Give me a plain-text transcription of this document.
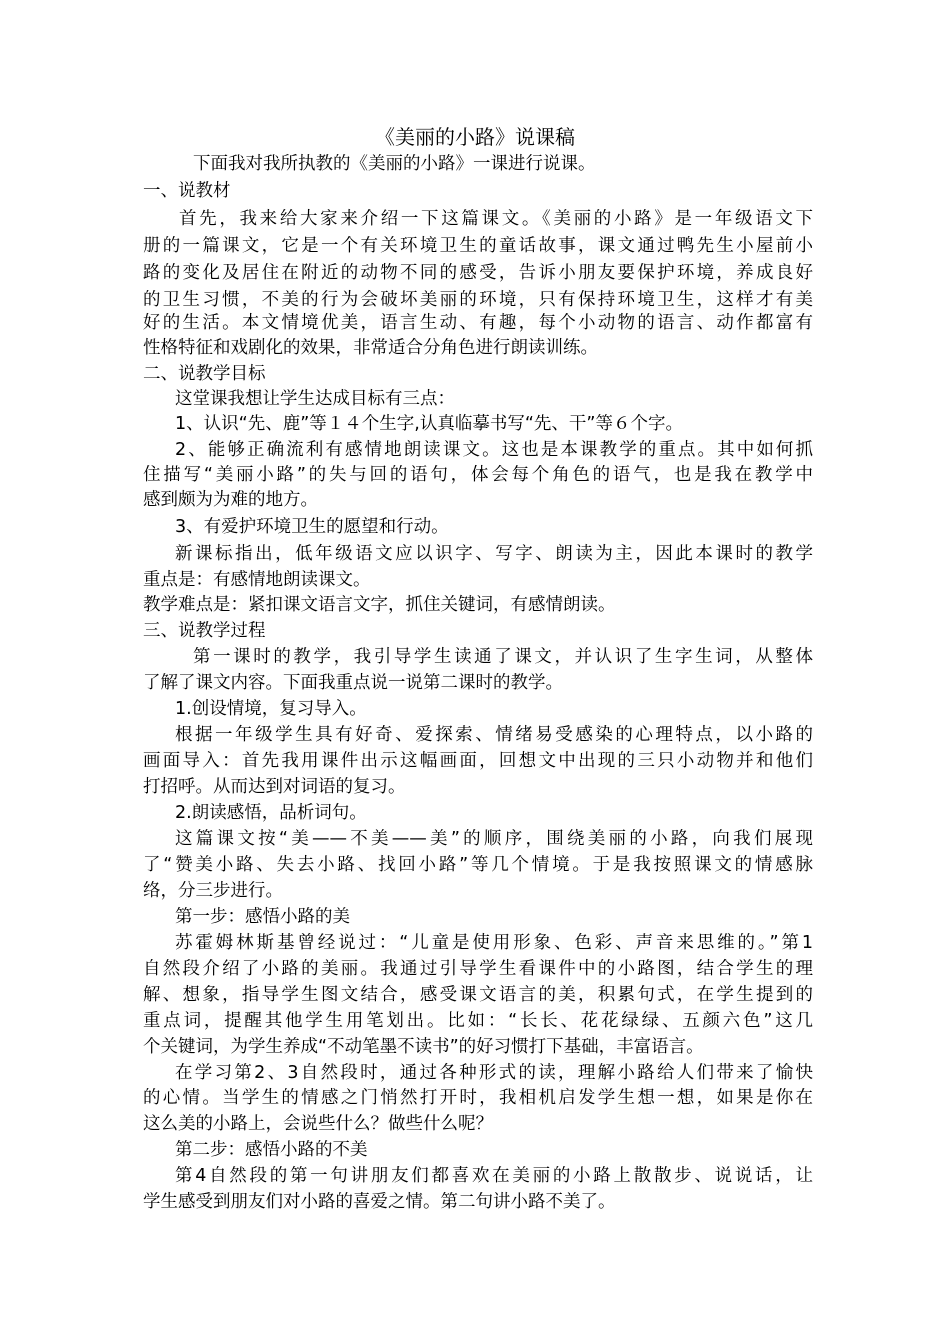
《美丽的小路》说课稿
下面我对我所执教的《美丽的小路》一课进行说课。
一、说教材
首先，我来给大家来介绍一下这篇课文。《美丽的小路》是一年级语文下
册的一篇课文，它是一个有关环境卫生的童话故事，课文通过鸭先生小屋前小
路的变化及居住在附近的动物不同的感受，告诉小朋友要保护环境，养成良好
的卫生习惯，不美的行为会破坏美丽的环境，只有保持环境卫生，这样才有美
好的生活。本文情境优美，语言生动、有趣，每个小动物的语言、动作都富有
性格特征和戏剧化的效果，非常适合分角色进行朗读训练。
二、说教学目标
这堂课我想让学生达成目标有三点：
1、认识“先、鹿”等１４个生字,认真临摹书写“先、干”等６个字。
2、能够正确流利有感情地朗读课文。这也是本课教学的重点。其中如何抓
住描写“美丽小路”的失与回的语句，体会每个角色的语气，也是我在教学中
感到颇为为难的地方。
3、有爱护环境卫生的愿望和行动。
新课标指出，低年级语文应以识字、写字、朗读为主，因此本课时的教学
重点是：有感情地朗读课文。
教学难点是：紧扣课文语言文字，抓住关键词，有感情朗读。
三、说教学过程
第一课时的教学，我引导学生读通了课文，并认识了生字生词，从整体
了解了课文内容。下面我重点说一说第二课时的教学。
1.创设情境，复习导入。
根据一年级学生具有好奇、爱探索、情绪易受感染的心理特点，以小路的
画面导入：首先我用课件出示这幅画面，回想文中出现的三只小动物并和他们
打招呼。从而达到对词语的复习。
2.朗读感悟，品析词句。
这篇课文按“美——不美——美”的顺序，围绕美丽的小路，向我们展现
了“赞美小路、失去小路、找回小路”等几个情境。于是我按照课文的情感脉
络，分三步进行。
第一步：感悟小路的美
苏霍姆林斯基曾经说过：“儿童是使用形象、色彩、声音来思维的。”第1
自然段介绍了小路的美丽。我通过引导学生看课件中的小路图，结合学生的理
解、想象，指导学生图文结合，感受课文语言的美，积累句式，在学生提到的
重点词，提醒其他学生用笔划出。比如：“长长、花花绿绿、五颜六色”这几
个关键词，为学生养成“不动笔墨不读书”的好习惯打下基础，丰富语言。
在学习第2、3自然段时，通过各种形式的读，理解小路给人们带来了愉快
的心情。当学生的情感之门悄然打开时，我相机启发学生想一想，如果是你在
这么美的小路上，会说些什么？做些什么呢？
第二步：感悟小路的不美
第4自然段的第一句讲朋友们都喜欢在美丽的小路上散散步、说说话，让
学生感受到朋友们对小路的喜爱之情。第二句讲小路不美了。
